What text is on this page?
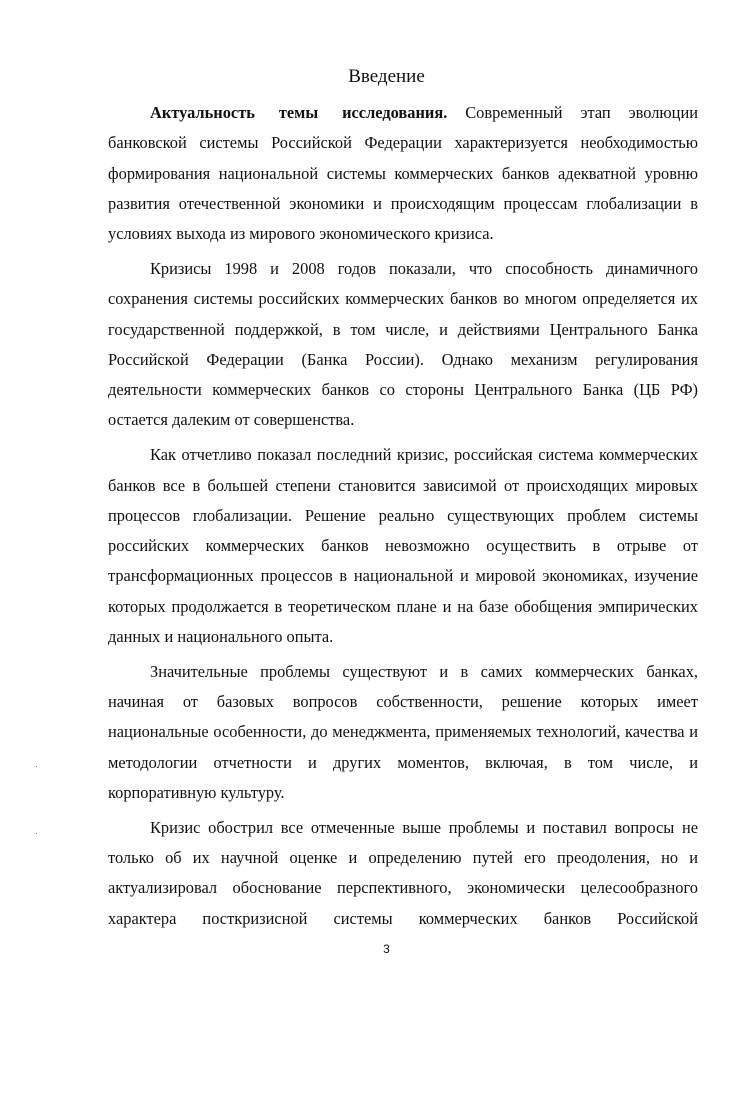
Введение

Актуальность темы исследования. Современный этап эволюции банковской системы Российской Федерации характеризуется необходимостью формирования национальной системы коммерческих банков адекватной уровню развития отечественной экономики и происходящим процессам глобализации в условиях выхода из мирового экономического кризиса.

Кризисы 1998 и 2008 годов показали, что способность динамичного сохранения системы российских коммерческих банков во многом определяется их государственной поддержкой, в том числе, и действиями Центрального Банка Российской Федерации (Банка России). Однако механизм регулирования деятельности коммерческих банков со стороны Центрального Банка (ЦБ РФ) остается далеким от совершенства.

Как отчетливо показал последний кризис, российская система коммерческих банков все в большей степени становится зависимой от происходящих мировых процессов глобализации. Решение реально существующих проблем системы российских коммерческих банков невозможно осуществить в отрыве от трансформационных процессов в национальной и мировой экономиках, изучение которых продолжается в теоретическом плане и на базе обобщения эмпирических данных и национального опыта.

Значительные проблемы существуют и в самих коммерческих банках, начиная от базовых вопросов собственности, решение которых имеет национальные особенности, до менеджмента, применяемых технологий, качества и методологии отчетности и других моментов, включая, в том числе, и корпоративную культуру.

Кризис обострил все отмеченные выше проблемы и поставил вопросы не только об их научной оценке и определению путей его преодоления, но и актуализировал обоснование перспективного, экономически целесообразного характера посткризисной системы коммерческих банков Российской

3
